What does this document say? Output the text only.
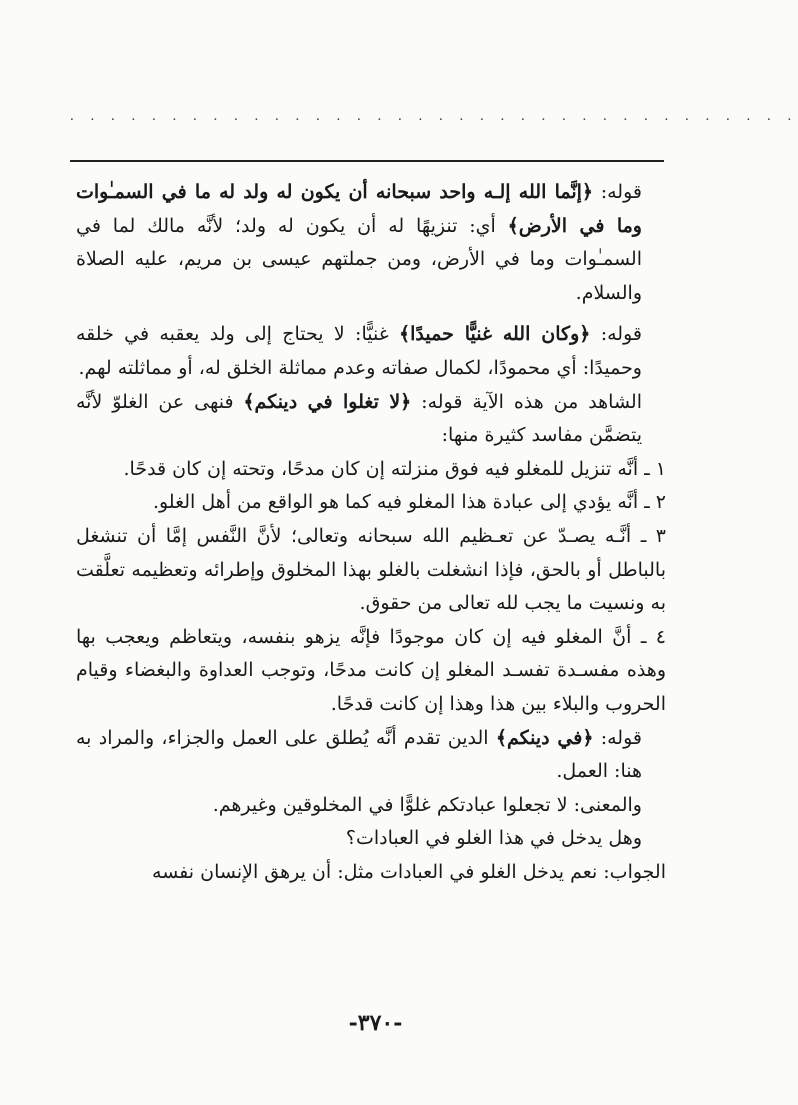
. . . . . . . . . . . . . . . . . . . . . . . . . . . . . . . . . . . .

قوله: ﴿إنَّما الله إلـه واحد سبحانه أن يكون له ولد له ما في السمـٰوات وما في الأرض﴾ أي: تنزيهًا له أن يكون له ولد؛ لأنَّه مالك لما في السمـٰوات وما في الأرض، ومن جملتهم عيسى بن مريم، عليه الصلاة والسلام.

قوله: ﴿وكان الله غنيًّا حميدًا﴾ غنيًّا: لا يحتاج إلى ولد يعقبه في خلقه وحميدًا: أي محمودًا، لكمال صفاته وعدم مماثلة الخلق له، أو مماثلته لهم.

الشاهد من هذه الآية قوله: ﴿لا تغلوا في دينكم﴾ فنهى عن الغلوّ لأنَّه يتضمَّن مفاسد كثيرة منها:

١ ـ أنَّه تنزيل للمغلو فيه فوق منزلته إن كان مدحًا، وتحته إن كان قدحًا.

٢ ـ أنَّه يؤدي إلى عبادة هذا المغلو فيه كما هو الواقع من أهل الغلو.

٣ ـ أنَّـه يصـدّ عن تعـظيم الله سبحانه وتعالى؛ لأنَّ النَّفس إمَّا أن تنشغل بالباطل أو بالحق، فإذا انشغلت بالغلو بهذا المخلوق وإطرائه وتعظيمه تعلَّقت به ونسيت ما يجب لله تعالى من حقوق.

٤ ـ أنَّ المغلو فيه إن كان موجودًا فإنَّه يزهو بنفسه، ويتعاظم ويعجب بها وهذه مفسـدة تفسـد المغلو إن كانت مدحًا، وتوجب العداوة والبغضاء وقيام الحروب والبلاء بين هذا وهذا إن كانت قدحًا.

قوله: ﴿في دينكم﴾ الدين تقدم أنَّه يُطلق على العمل والجزاء، والمراد به هنا: العمل.

والمعنى: لا تجعلوا عبادتكم غلوًّا في المخلوقين وغيرهم.

وهل يدخل في هذا الغلو في العبادات؟

الجواب: نعم يدخل الغلو في العبادات مثل: أن يرهق الإنسان نفسه

-٣٧٠-
